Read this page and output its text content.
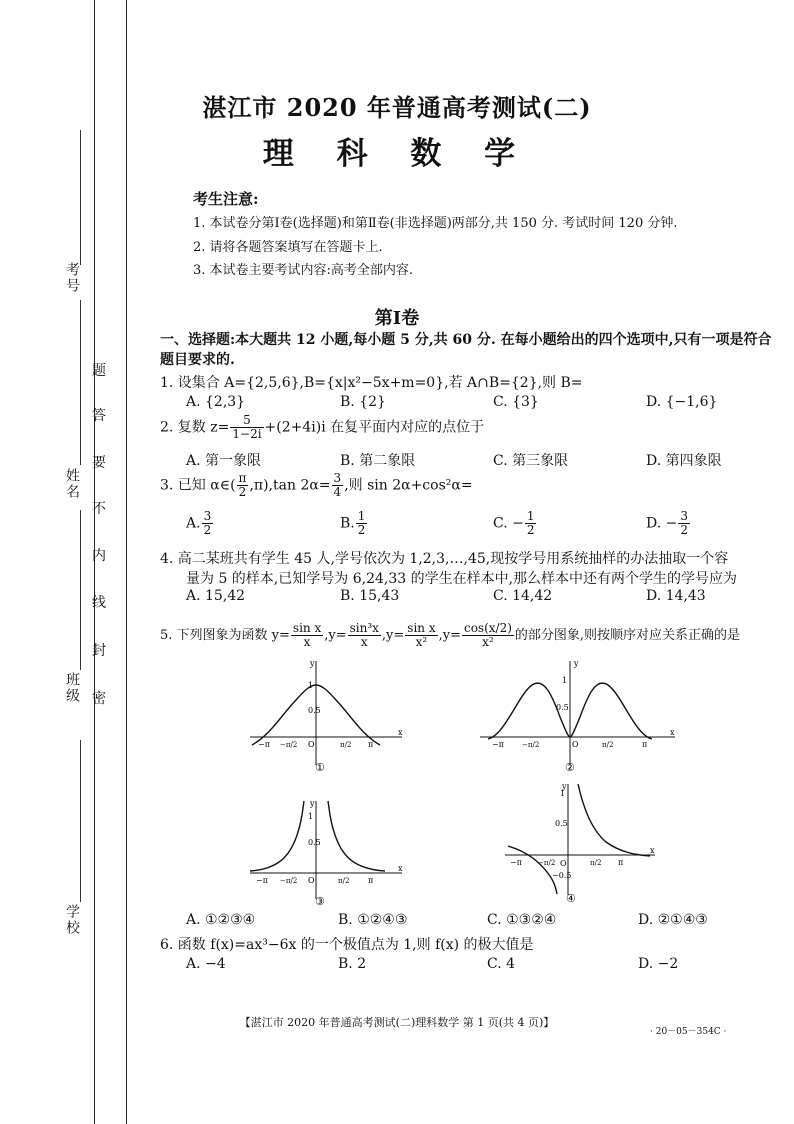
考号
姓名
班级
学校
题
答
要
不
内
线
封
密
湛江市 2020 年普通高考测试(二)
理 科 数 学
考生注意:
1. 本试卷分第Ⅰ卷(选择题)和第Ⅱ卷(非选择题)两部分,共 150 分. 考试时间 120 分钟.
2. 请将各题答案填写在答题卡上.
3. 本试卷主要考试内容:高考全部内容.
第Ⅰ卷
一、选择题:本大题共 12 小题,每小题 5 分,共 60 分. 在每小题给出的四个选项中,只有一项是符合题目要求的.
1. 设集合 A={2,5,6},B={x|x²−5x+m=0},若 A∩B={2},则 B=
A. {2,3}	B. {2}	C. {3}	D. {−1,6}
2. 复数 $z= \frac{5}{1-2i} +(2+4i)i$ 在复平面内对应的点位于
A. 第一象限	B. 第二象限	C. 第三象限	D. 第四象限
3. 已知 α∈( $\frac{\pi}{2} ,\pi),\tan$ $2\alpha= \frac{3}{4}$ ,则 sin 2α+cos²α=
A. $\frac{3}{2}$	B. $\frac{1}{2}$	C. − $\frac{1}{2}$	D. − $\frac{3}{2}$
4. 高二某班共有学生 45 人,学号依次为 1,2,3,…,45,现按学号用系统抽样的办法抽取一个容
量为 5 的样本,已知学号为 6,24,33 的学生在样本中,那么样本中还有两个学生的学号应为
A. 15,42	B. 15,43	C. 14,42	D. 14,43
5. 下列图象为函数 $y= \frac{\text{sin x}}{x} ,y= \frac{\text{sin³x}}{x} ,y= \frac{\text{sin x}}{\text{x²}} ,y= \frac{\cos(x/2)}{\text{x²}}$ 的部分图象,则按顺序对应关系正确的是
x
y
0.5
1
O
−π −π/2	π/2 π
①
x
y
1
0.5
O
−π	−π/2	π/2	π
②
x
y
1
0.5
O
−π −π/2	π/2 π
③
x
y
1
0.5
O
−0.5
−π −π/2	π/2 π
④
A. ①②③④	B. ①②④③	C. ①③②④	D. ②①④③
6. 函数 f(x)=ax³−6x 的一个极值点为 1,则 f(x) 的极大值是
A. −4	B. 2	C. 4	D. −2
【湛江市 2020 年普通高考测试(二)理科数学 第 1 页(共 4 页)】
· 20－05－354C ·
